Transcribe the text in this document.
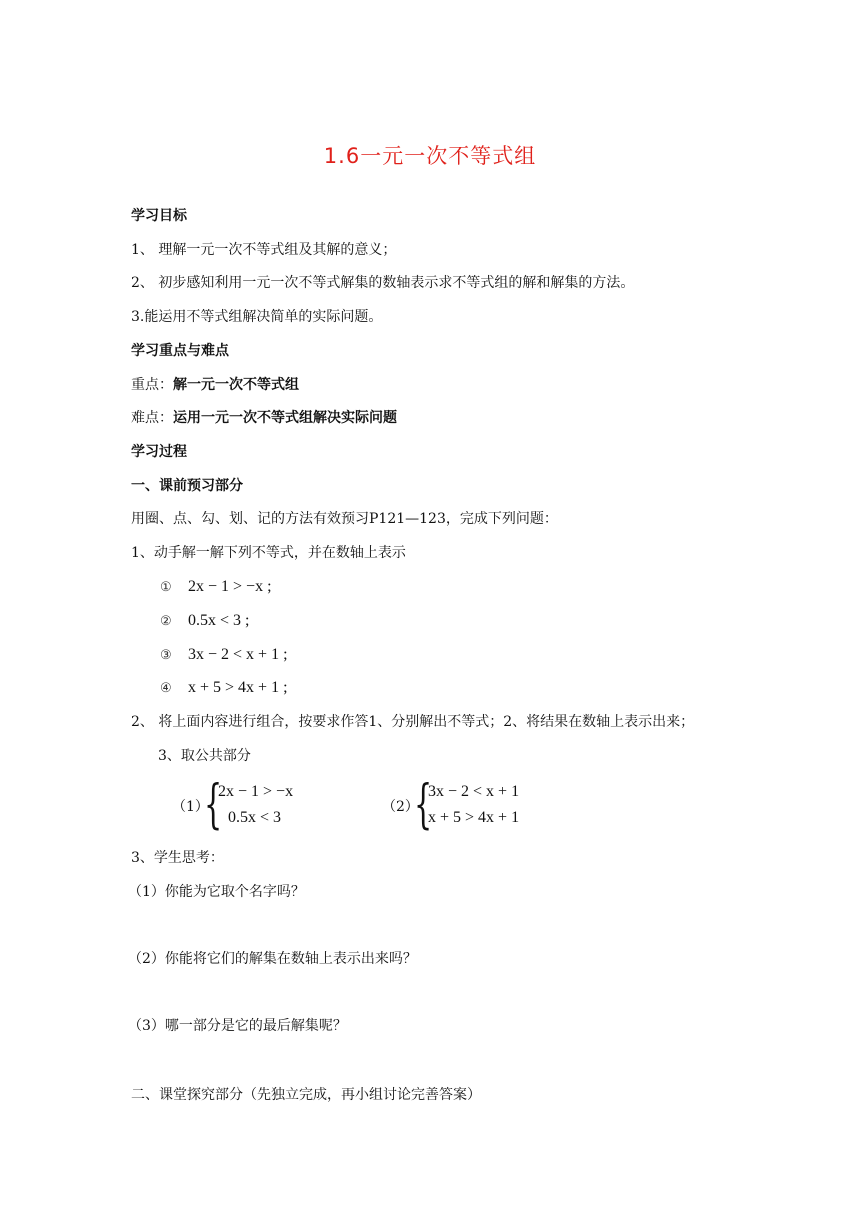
1.6一元一次不等式组
学习目标
1、 理解一元一次不等式组及其解的意义；
2、 初步感知利用一元一次不等式解集的数轴表示求不等式组的解和解集的方法。
3.能运用不等式组解决简单的实际问题。
学习重点与难点
重点：解一元一次不等式组
难点：运用一元一次不等式组解决实际问题
学习过程
一、课前预习部分
用圈、点、勾、划、记的方法有效预习P121—123，完成下列问题：
1、动手解一解下列不等式，并在数轴上表示
① 2x − 1 > −x ;
② 0.5x < 3 ;
③ 3x − 2 < x + 1 ;
④ x + 5 > 4x + 1 ;
2、 将上面内容进行组合，按要求作答1、分别解出不等式；2、将结果在数轴上表示出来；
3、取公共部分
（1）
{
2x − 1 > −x
0.5x < 3
（2）
{
3x − 2 < x + 1
x + 5 > 4x + 1
3、学生思考：
（1）你能为它取个名字吗？
（2）你能将它们的解集在数轴上表示出来吗？
（3）哪一部分是它的最后解集呢？
二、课堂探究部分（先独立完成，再小组讨论完善答案）
